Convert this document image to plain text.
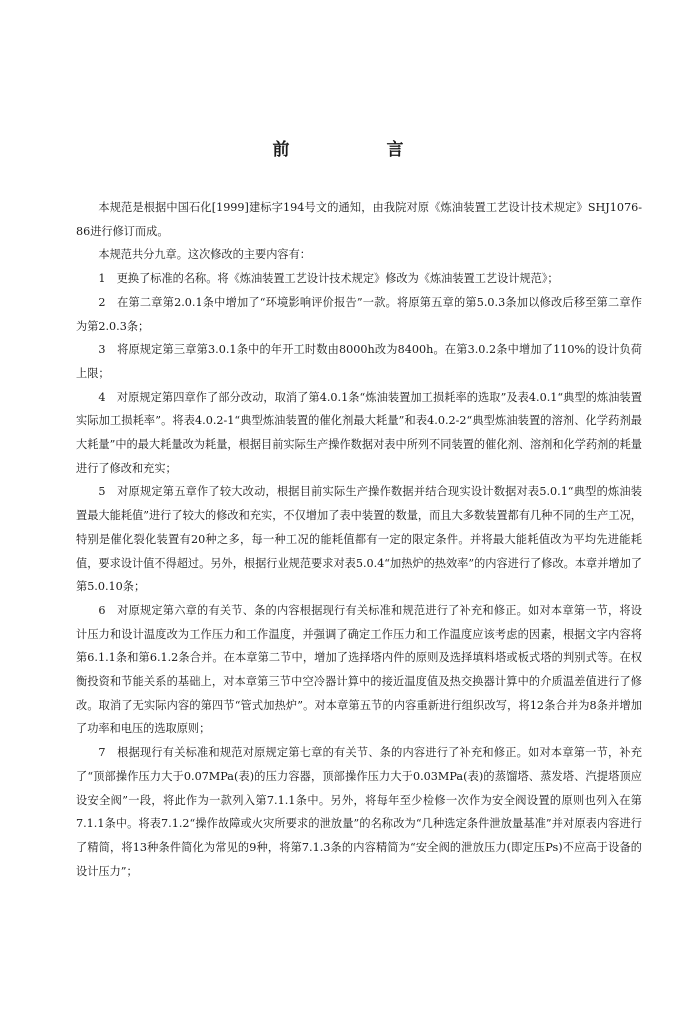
前　言

本规范是根据中国石化[1999]建标字194号文的通知，由我院对原《炼油装置工艺设计技术规定》SHJ1076-86进行修订而成。

本规范共分九章。这次修改的主要内容有：

1　更换了标准的名称。将《炼油装置工艺设计技术规定》修改为《炼油装置工艺设计规范》；

2　在第二章第2.0.1条中增加了“环境影响评价报告”一款。将原第五章的第5.0.3条加以修改后移至第二章作为第2.0.3条；

3　将原规定第三章第3.0.1条中的年开工时数由8000h改为8400h。在第3.0.2条中增加了110%的设计负荷上限；

4　对原规定第四章作了部分改动，取消了第4.0.1条“炼油装置加工损耗率的选取”及表4.0.1“典型的炼油装置实际加工损耗率”。将表4.0.2-1“典型炼油装置的催化剂最大耗量”和表4.0.2-2“典型炼油装置的溶剂、化学药剂最大耗量”中的最大耗量改为耗量，根据目前实际生产操作数据对表中所列不同装置的催化剂、溶剂和化学药剂的耗量进行了修改和充实；

5　对原规定第五章作了较大改动，根据目前实际生产操作数据并结合现实设计数据对表5.0.1“典型的炼油装置最大能耗值”进行了较大的修改和充实，不仅增加了表中装置的数量，而且大多数装置都有几种不同的生产工况，特别是催化裂化装置有20种之多，每一种工况的能耗值都有一定的限定条件。并将最大能耗值改为平均先进能耗值，要求设计值不得超过。另外，根据行业规范要求对表5.0.4“加热炉的热效率”的内容进行了修改。本章并增加了第5.0.10条；

6　对原规定第六章的有关节、条的内容根据现行有关标准和规范进行了补充和修正。如对本章第一节，将设计压力和设计温度改为工作压力和工作温度，并强调了确定工作压力和工作温度应该考虑的因素，根据文字内容将第6.1.1条和第6.1.2条合并。在本章第二节中，增加了选择塔内件的原则及选择填料塔或板式塔的判别式等。在权衡投资和节能关系的基础上，对本章第三节中空冷器计算中的接近温度值及热交换器计算中的介质温差值进行了修改。取消了无实际内容的第四节“管式加热炉”。对本章第五节的内容重新进行组织改写，将12条合并为8条并增加了功率和电压的选取原则；

7　根据现行有关标准和规范对原规定第七章的有关节、条的内容进行了补充和修正。如对本章第一节，补充了“顶部操作压力大于0.07MPa(表)的压力容器，顶部操作压力大于0.03MPa(表)的蒸馏塔、蒸发塔、汽提塔顶应设安全阀”一段，将此作为一款列入第7.1.1条中。另外，将每年至少检修一次作为安全阀设置的原则也列入在第7.1.1条中。将表7.1.2“操作故障或火灾所要求的泄放量”的名称改为“几种选定条件泄放量基准”并对原表内容进行了精简，将13种条件简化为常见的9种，将第7.1.3条的内容精简为“安全阀的泄放压力(即定压Ps)不应高于设备的设计压力”；
